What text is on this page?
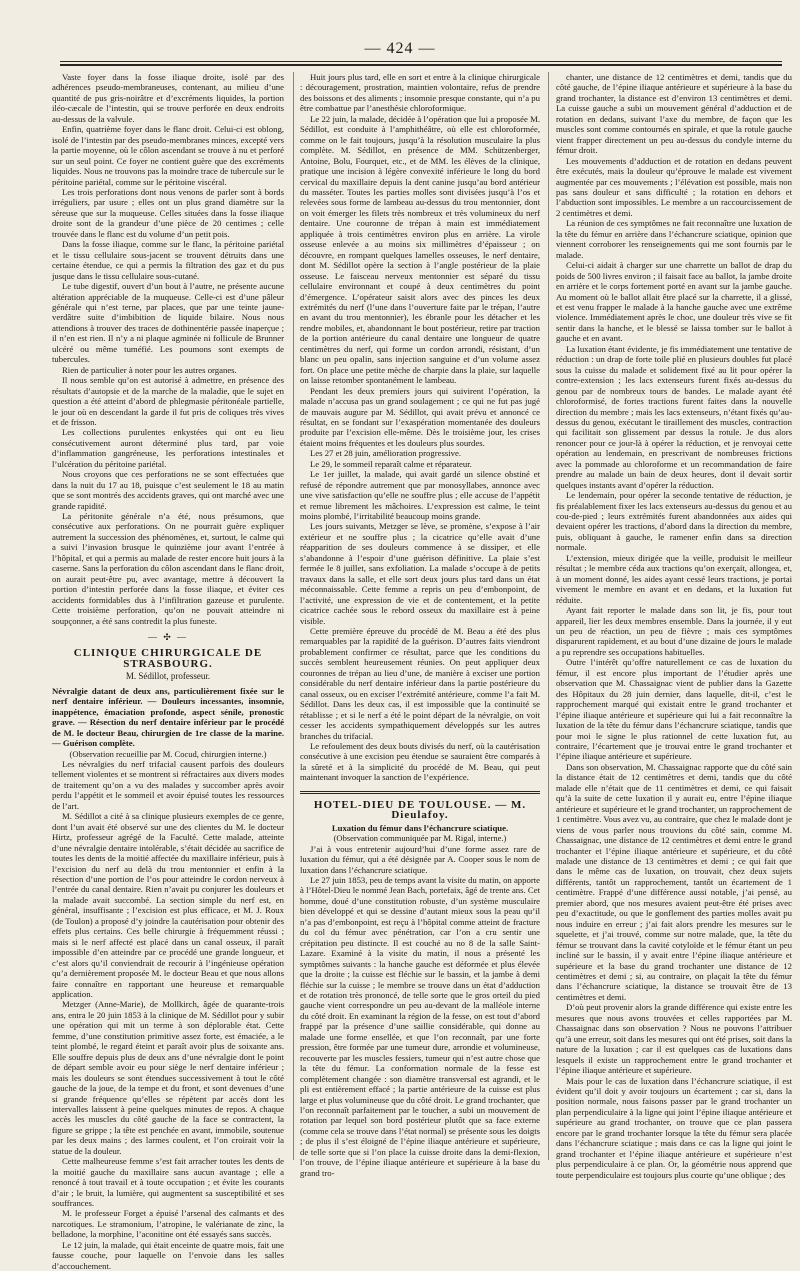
— 424 —

Vaste foyer dans la fosse iliaque droite, isolé par des adhérences pseudo-membraneuses, contenant, au milieu d’une quantité de pus gris-noirâtre et d’excréments liquides, la portion iléo-cæcale de l’intestin, qui se trouve perforée en deux endroits au-dessus de la valvule.

Enfin, quatrième foyer dans le flanc droit. Celui-ci est oblong, isolé de l’intestin par des pseudo-membranes minces, excepté vers la partie moyenne, où le côlon ascendant se trouve à nu et perforé sur un seul point. Ce foyer ne contient guère que des excréments liquides. Nous ne trouvons pas la moindre trace de tubercule sur le péritoine pariétal, comme sur le péritoine viscéral.

Les trois perforations dont nous venons de parler sont à bords irréguliers, par usure ; elles ont un plus grand diamètre sur la séreuse que sur la muqueuse. Celles situées dans la fosse iliaque droite sont de la grandeur d’une pièce de 20 centimes ; celle trouvée dans le flanc est du volume d’un petit pois.

Dans la fosse iliaque, comme sur le flanc, la péritoine pariétal et le tissu cellulaire sous-jacent se trouvent détruits dans une certaine étendue, ce qui a permis la filtration des gaz et du pus jusque dans le tissu cellulaire sous-cutané.

Le tube digestif, ouvert d’un bout à l’autre, ne présente aucune altération appréciable de la muqueuse. Celle-ci est d’une pâleur générale qui n’est terne, par places, que par une teinte jaune-verdâtre suite d’imbibition de liquide bilaire. Nous nous attendions à trouver des traces de dothinentérie passée inaperçue ; il n’en est rien. Il n’y a ni plaque agminée ni follicule de Brunner ulcéré ou même tuméfié. Les poumons sont exempts de tubercules.

Rien de particulier à noter pour les autres organes.

Il nous semble qu’on est autorisé à admettre, en présence des résultats d’autopsie et de la marche de la maladie, que le sujet en question a été atteint d’abord de phlegmasie péritonéale partielle, le jour où en descendant la garde il fut pris de coliques très vives et de frisson.

Les collections purulentes enkystées qui ont eu lieu consécutivement auront déterminé plus tard, par voie d’inflammation gangréneuse, les perforations intestinales et l’ulcération du péritoine pariétal.

Nous croyons que ces perforations ne se sont effectuées que dans la nuit du 17 au 18, puisque c’est seulement le 18 au matin que se sont montrés des accidents graves, qui ont marché avec une grande rapidité.

La péritonite générale n’a été, nous présumons, que consécutive aux perforations. On ne pourrait guère expliquer autrement la succession des phénomènes, et, surtout, le calme qui a suivi l’invasion brusque le quinzième jour avant l’entrée à l’hôpital, et qui a permis au malade de rester encore huit jours à la caserne. Sans la perforation du côlon ascendant dans le flanc droit, on aurait peut-être pu, avec avantage, mettre à découvert la portion d’intestin perforée dans la fosse iliaque, et éviter ces accidents formidables dus à l’infiltration gazeuse et purulente. Cette troisième perforation, qu’on ne pouvait atteindre ni soupçonner, a été sans contredit la plus funeste.

— ✣ —
CLINIQUE CHIRURGICALE DE STRASBOURG.
M. Sédillot, professeur.

Névralgie datant de deux ans, particulièrement fixée sur le nerf dentaire inférieur. — Douleurs incessantes, insomnie, inappétence, émaciation profonde, aspect sénile, pronostic grave. — Résection du nerf dentaire inférieur par le procédé de M. le docteur Beau, chirurgien de 1re classe de la marine. — Guérison complète.

(Observation recueillie par M. Cocud, chirurgien interne.)

Les névralgies du nerf trifacial causent parfois des douleurs tellement violentes et se montrent si réfractaires aux divers modes de traitement qu’on a vu des malades y succomber après avoir perdu l’appétit et le sommeil et avoir épuisé toutes les ressources de l’art.

M. Sédillot a cité à sa clinique plusieurs exemples de ce genre, dont l’un avait été observé sur une des clientes du M. le docteur Hirtz, professeur agrégé de la Faculté. Cette malade, atteinte d’une névralgie dentaire intolérable, s’était décidée au sacrifice de toutes les dents de la moitié affectée du maxillaire inférieur, puis à l’excision du nerf au delà du trou mentonnier et enfin à la résection d’une portion de l’os pour atteindre le cordon nerveux à l’entrée du canal dentaire. Rien n’avait pu conjurer les douleurs et la malade avait succombé. La section simple du nerf est, en général, insuffisante ; l’excision est plus efficace, et M. J. Roux (de Toulon) a proposé d’y joindre la cautérisation pour obtenir des effets plus certains. Ces belle chirurgie à fréquemment réussi ; mais si le nerf affecté est placé dans un canal osseux, il paraît impossible d’en atteindre par ce procédé une grande longueur, et c’est alors qu’il conviendrait de recourir à l’ingénieuse opération qu’a dernièrement proposée M. le docteur Beau et que nous allons faire connaître en rapportant une heureuse et remarquable application.

Metzger (Anne-Marie), de Mollkirch, âgée de quarante-trois ans, entra le 20 juin 1853 à la clinique de M. Sédillot pour y subir une opération qui mit un terme à son déplorable état. Cette femme, d’une constitution primitive assez forte, est émaciée, a le teint plombé, le regard éteint et paraît avoir plus de soixante ans. Elle souffre depuis plus de deux ans d’une névralgie dont le point de départ semble avoir eu pour siège le nerf dentaire inférieur ; mais les douleurs se sont étendues successivement à tout le côté gauche de la joue, de la tempe et du front, et sont devenues d’une si grande fréquence qu’elles se répètent par accès dont les intervalles laissent à peine quelques minutes de repos. A chaque accès les muscles du côté gauche de la face se contractent, la figure se grippe ; la tête est penchée en avant, immobile, soutenue par les deux mains ; des larmes coulent, et l’on croirait voir la statue de la douleur.

Cette malheureuse femme s’est fait arracher toutes les dents de la moitié gauche du maxillaire sans aucun avantage ; elle a renoncé à tout travail et à toute occupation ; et évite les courants d’air ; le bruit, la lumière, qui augmentent sa susceptibilité et ses souffrances.

M. le professeur Forget a épuisé l’arsenal des calmants et des narcotiques. Le stramonium, l’atropine, le valérianate de zinc, la belladone, la morphine, l’aconitine ont été essayés sans succès.

Le 12 juin, la malade, qui était enceinte de quatre mois, fait une fausse couche, pour laquelle on l’envoie dans les salles d’accouchement.

Huit jours plus tard, elle en sort et entre à la clinique chirurgicale : découragement, prostration, maintien volontaire, refus de prendre des boissons et des aliments ; insomnie presque constante, qui n’a pu être combattue par l’anesthésie chloroformique.

Le 22 juin, la malade, décidée à l’opération que lui a proposée M. Sédillot, est conduite à l’amphithéâtre, où elle est chloroformée, comme on le fait toujours, jusqu’à la résolution musculaire la plus complète. M. Sédillot, en présence de MM. Schützenberger, Antoine, Bolu, Fourquet, etc., et de MM. les élèves de la clinique, pratique une incision à légère convexité inférieure le long du bord cervical du maxillaire depuis la dent canine jusqu’au bord antérieur du masséter. Toutes les parties molles sont divisées jusqu’à l’os et relevées sous forme de lambeau au-dessus du trou mentonnier, dont on voit émerger les filets très nombreux et très volumineux du nerf dentaire. Une couronne de trépan à main est immédiatement appliquée à trois centimètres environ plus en arrière. La virole osseuse enlevée a au moins six millimètres d’épaisseur ; on découvre, en rompant quelques lamelles osseuses, le nerf dentaire, dont M. Sédillot opère la section à l’angle postérieur de la plaie osseuse. Le faisceau nerveux mentonnier est séparé du tissu cellulaire environnant et coupé à deux centimètres du point d’émergence. L’opérateur saisit alors avec des pinces les deux extrémités du nerf (l’une dans l’ouverture faite par le trépan, l’autre en avant du trou mentonnier), les ébranle pour les détacher et les rendre mobiles, et, abandonnant le bout postérieur, retire par traction de la portion antérieure du canal dentaire une longueur de quatre centimètres du nerf, qui forme un cordon arrondi, résistant, d’un blanc un peu opalin, sans injection sanguine et d’un volume assez fort. On place une petite mèche de charpie dans la plaie, sur laquelle on laisse retomber spontanément le lambeau.

Pendant les deux premiers jours qui suivirent l’opération, la malade n’accusa pas un grand soulagement ; ce qui ne fut pas jugé de mauvais augure par M. Sédillot, qui avait prévu et annoncé ce résultat, en se fondant sur l’exaspération momentanée des douleurs produite par l’excision elle-même. Dès le troisième jour, les crises étaient moins fréquentes et les douleurs plus sourdes.

Les 27 et 28 juin, amélioration progressive.

Le 29, le sommeil reparaît calme et réparateur.

Le 1er juillet, la malade, qui avait gardé un silence obstiné et refusé de répondre autrement que par monosyllabes, annonce avec une vive satisfaction qu’elle ne souffre plus ; elle accuse de l’appétit et remue librement les mâchoires. L’expression est calme, le teint moins plombé, l’irritabilité beaucoup moins grande.

Les jours suivants, Metzger se lève, se promène, s’expose à l’air extérieur et ne souffre plus ; la cicatrice qu’elle avait d’une réapparition de ses douleurs commence à se dissiper, et elle s’abandonne à l’espoir d’une guérison définitive. La plaie s’est fermée le 8 juillet, sans exfoliation. La malade s’occupe à de petits travaux dans la salle, et elle sort deux jours plus tard dans un état méconnaissable. Cette femme a repris un peu d’embonpoint, de l’activité, une expression de vie et de contentement, et la petite cicatrice cachée sous le rebord osseux du maxillaire est à peine visible.

Cette première épreuve du procédé de M. Beau a été des plus remarquables par la rapidité de la guérison. D’autres faits viendront probablement confirmer ce résultat, parce que les conditions du succès semblent heureusement réunies. On peut appliquer deux couronnes de trépan au lieu d’une, de manière à exciser une portion considérable du nerf dentaire inférieur dans la partie postérieure du canal osseux, ou en exciser l’extrémité antérieure, comme l’a fait M. Sédillot. Dans les deux cas, il est impossible que la continuité se rétablisse ; et si le nerf a été le point départ de la névralgie, on voit cesser les accidents sympathiquement développés sur les autres branches du trifacial.

Le refoulement des deux bouts divisés du nerf, où la cautérisation consécutive à une excision peu étendue se sauraient être comparés à la sûreté et à la simplicité du procédé de M. Beau, qui peut maintenant invoquer la sanction de l’expérience.

HOTEL-DIEU DE TOULOUSE. — M. Dieulafoy.

Luxation du fémur dans l’échancrure sciatique.

(Observation communiquée par M. Rigal, interne.)

J’ai à vous entretenir aujourd’hui d’une forme assez rare de luxation du fémur, qui a été désignée par A. Cooper sous le nom de luxation dans l’échancrure sciatique.

Le 27 juin 1853, peu de temps avant la visite du matin, on apporte à l’Hôtel-Dieu le nommé Jean Bach, portefaix, âgé de trente ans. Cet homme, doué d’une constitution robuste, d’un système musculaire bien développé et qui se dessine d’autant mieux sous la peau qu’il n’a pas d’embonpoint, est reçu à l’hôpital comme atteint de fracture du col du fémur avec pénétration, car l’on a cru sentir une crépitation peu distincte. Il est couché au no 8 de la salle Saint-Lazare. Examiné à la visite du matin, il nous a présenté les symptômes suivants : la hanche gauche est déformée et plus élevée que la droite ; la cuisse est fléchie sur le bassin, et la jambe à demi fléchie sur la cuisse ; le membre se trouve dans un état d’adduction et de rotation très prononcé, de telle sorte que le gros orteil du pied gauche vient correspondre un peu au-devant de la malléole interne du côté droit. En examinant la région de la fesse, on est tout d’abord frappé par la présence d’une saillie considérable, qui donne au malade une forme ensellée, et que l’on reconnaît, par une forte pression, être formée par une tumeur dure, arrondie et volumineuse, recouverte par les muscles fessiers, tumeur qui n’est autre chose que la tête du fémur. La conformation normale de la fesse est complètement changée : son diamètre transversal est agrandi, et le pli est entièrement effacé ; la partie antérieure de la cuisse est plus large et plus volumineuse que du côté droit. Le grand trochanter, que l’on reconnaît parfaitement par le toucher, a subi un mouvement de rotation par lequel son bord postérieur plutôt que sa face externe (comme cela se trouve dans l’état normal) se présente sous les doigts ; de plus il s’est éloigné de l’épine iliaque antérieure et supérieure, de telle sorte que si l’on place la cuisse droite dans la demi-flexion, l’on trouve, de l’épine iliaque antérieure et supérieure à la base du grand tro-

chanter, une distance de 12 centimètres et demi, tandis que du côté gauche, de l’épine iliaque antérieure et supérieure à la base du grand trochanter, la distance est d’environ 13 centimètres et demi. La cuisse gauche a subi un mouvement général d’adduction et de rotation en dedans, suivant l’axe du membre, de façon que les muscles sont comme contournés en spirale, et que la rotule gauche vient frapper directement un peu au-dessus du condyle interne du fémur droit.

Les mouvements d’adduction et de rotation en dedans peuvent être exécutés, mais la douleur qu’éprouve le malade est vivement augmentée par ces mouvements ; l’élévation est possible, mais non pas sans douleur et sans difficulté ; la rotation en dehors et l’abduction sont impossibles. Le membre a un raccourcissement de 2 centimètres et demi.

La réunion de ces symptômes ne fait reconnaître une luxation de la tête du fémur en arrière dans l’échancrure sciatique, opinion que viennent corroborer les renseignements qui me sont fournis par le malade.

Celui-ci aidait à charger sur une charrette un ballot de drap du poids de 500 livres environ ; il faisait face au ballot, la jambe droite en arrière et le corps fortement porté en avant sur la jambe gauche. Au moment où le ballot allait être placé sur la charrette, il a glissé, et est venu frapper le malade à la hanche gauche avec une extrême violence. Immédiatement après le choc, une douleur très vive se fit sentir dans la hanche, et le blessé se laissa tomber sur le ballot à gauche et en avant.

La luxation étant évidente, je fis immédiatement une tentative de réduction : un drap de forte toile plié en plusieurs doubles fut placé sous la cuisse du malade et solidement fixé au lit pour opérer la contre-extension ; les lacs extenseurs furent fixés au-dessus du genou par de nombreux tours de bandes. Le malade ayant été chloroformisé, de fortes tractions furent faites dans la nouvelle direction du membre ; mais les lacs extenseurs, n’étant fixés qu’au-dessus du genou, exécutant le tiraillement des muscles, contraction qui facilitait son glissement par dessus la rotule. Je dus alors renoncer pour ce jour-là à opérer la réduction, et je renvoyai cette opération au lendemain, en prescrivant de nombreuses frictions avec la pommade au chloroforme et un recommandation de faire prendre au malade un bain de deux heures, dont il devait sortir quelques instants avant d’opérer la réduction.

Le lendemain, pour opérer la seconde tentative de réduction, je fis préalablement fixer les lacs extenseurs au-dessus du genou et au cou-de-pied ; leurs extrémités furent abandonnées aux aides qui devaient opérer les tractions, d’abord dans la direction du membre, puis, obliquant à gauche, le ramener enfin dans sa direction normale.

L’extension, mieux dirigée que la veille, produisit le meilleur résultat ; le membre céda aux tractions qu’on exerçait, allongea, et, à un moment donné, les aides ayant cessé leurs tractions, je portai vivement le membre en avant et en dedans, et la luxation fut réduite.

Ayant fait reporter le malade dans son lit, je fis, pour tout appareil, lier les deux membres ensemble. Dans la journée, il y eut un peu de réaction, un peu de fièvre ; mais ces symptômes disparurent rapidement, et au bout d’une dizaine de jours le malade a pu reprendre ses occupations habituelles.

Outre l’intérêt qu’offre naturellement ce cas de luxation du fémur, il est encore plus important de l’étudier après une observation que M. Chassaignac vient de publier dans la Gazette des Hôpitaux du 28 juin dernier, dans laquelle, dit-il, c’est le rapprochement marqué qui existait entre le grand trochanter et l’épine iliaque antérieure et supérieure qui lui a fait reconnaître la luxation de la tête du fémur dans l’échancrure sciatique, tandis que pour moi le signe le plus rationnel de cette luxation fut, au contraire, l’écartement que je trouvai entre le grand trochanter et l’épine iliaque antérieure et supérieure.

Dans son observation, M. Chassaignac rapporte que du côté sain la distance était de 12 centimètres et demi, tandis que du côté malade elle n’était que de 11 centimètres et demi, ce qui faisait qu’à la suite de cette luxation il y aurait eu, entre l’épine iliaque antérieure et supérieure et le grand trochanter, un rapprochement de 1 centimètre. Vous avez vu, au contraire, que chez le malade dont je viens de vous parler nous trouvions du côté sain, comme M. Chassaignac, une distance de 12 centimètres et demi entre le grand trochanter et l’épine iliaque antérieure et supérieure, et du côté malade une distance de 13 centimètres et demi ; ce qui fait que dans le même cas de luxation, on trouvait, chez deux sujets différents, tantôt un rapprochement, tantôt un écartement de 1 centimètre. Frappé d’une différence aussi notable, j’ai pensé, au premier abord, que nos mesures avaient peut-être été prises avec peu d’exactitude, ou que le gonflement des parties molles avait pu nous induire en erreur ; j’ai fait alors prendre les mesures sur le squelette, et j’ai trouvé, comme sur notre malade, que, la tête du fémur se trouvant dans la cavité cotyloïde et le fémur étant un peu incliné sur le bassin, il y avait entre l’épine iliaque antérieure et supérieure et la base du grand trochanter une distance de 12 centimètres et demi ; si, au contraire, on plaçait la tête du fémur dans l’échancrure sciatique, la distance se trouvait être de 13 centimètres et demi.

D’où peut provenir alors la grande différence qui existe entre les mesures que nous avons trouvées et celles rapportées par M. Chassaignac dans son observation ? Nous ne pouvons l’attribuer qu’à une erreur, soit dans les mesures qui ont été prises, soit dans la nature de la luxation ; car il est quelques cas de luxations dans lesquels il existe un rapprochement entre le grand trochanter et l’épine iliaque antérieure et supérieure.

Mais pour le cas de luxation dans l’échancrure sciatique, il est évident qu’il doit y avoir toujours un écartement ; car si, dans la position normale, nous faisons passer par le grand trochanter un plan perpendiculaire à la ligne qui joint l’épine iliaque antérieure et supérieure au grand trochanter, on trouve que ce plan passera encore par le grand trochanter lorsque la tête du fémur sera placée dans l’échancrure sciatique ; mais dans ce cas la ligne qui joint le grand trochanter et l’épine iliaque antérieure et supérieure n’est plus perpendiculaire à ce plan. Or, la géométrie nous apprend que toute perpendiculaire est toujours plus courte qu’une oblique ; des
